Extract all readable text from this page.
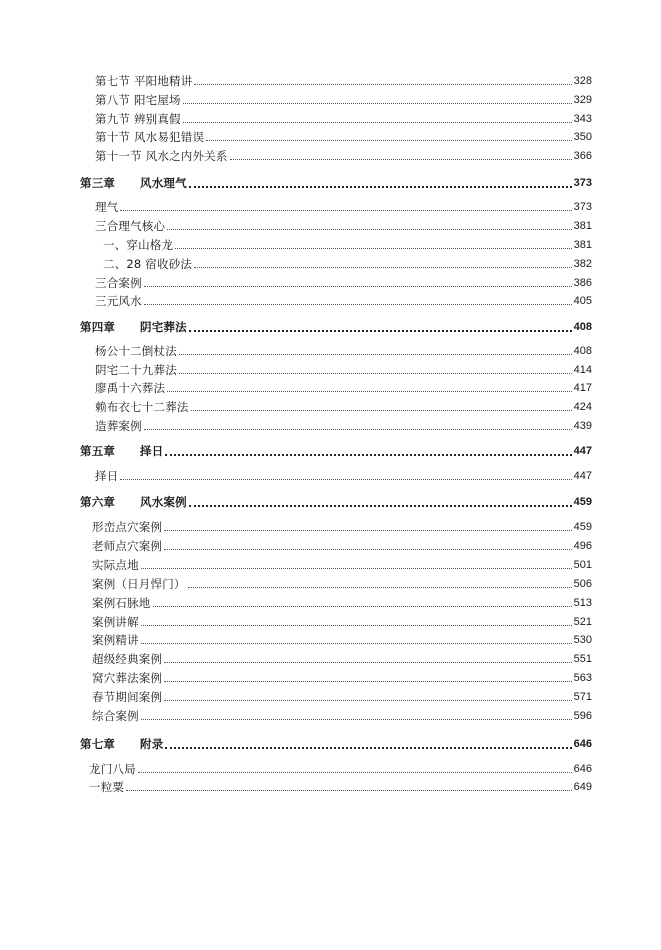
第七节 平阳地精讲	328
第八节 阳宅屋场	329
第九节 辨别真假	343
第十节 风水易犯错误	350
第十一节 风水之内外关系	366
第三章 风水理气	373
理气	373
三合理气核心	381
一、穿山格龙	381
二、28 宿收砂法	382
三合案例	386
三元风水	405
第四章 阴宅葬法	408
杨公十二倒杖法	408
阴宅二十九葬法	414
廖禹十六葬法	417
赖布衣七十二葬法	424
造葬案例	439
第五章 择日	447
择日	447
第六章 风水案例	459
形峦点穴案例	459
老师点穴案例	496
实际点地	501
案例（日月悍门）	506
案例石脉地	513
案例讲解	521
案例精讲	530
超级经典案例	551
窝穴葬法案例	563
春节期间案例	571
综合案例	596
第七章 附录	646
龙门八局	646
一粒粟	649
